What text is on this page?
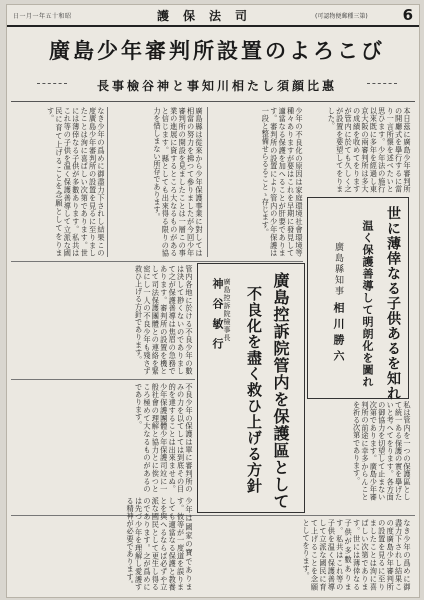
日一月一年五十和昭	護保法司	(可認物便郵種三第) 6
廣島少年審判所設置のよろこび
長事檢谷神と事知川相たし須顔比惠
なき少年の爲めに御盡力下されし結果この度廣島少年審判所の設置を見るに至りましたことは洵に喜ばしい次第であります。世には薄倖なる子供が多數あります。私共はこれ等の子供を温く保護善導して立派な國民に育て上げることを念願としてをります。	廣島縣は從來から少年保護事業に對しては相當の努力を拂つて參りましたが今回少年審判所の開設を見ましたことは一層この事業の進展に資するところ大なるものがあると信じます。縣としても出來得る限りの協力を惜しまない所存であります。	少年の不良化の原因は家庭環境社會環境等種々ありますが要はこれを早期に發見して適當なる保護を加へることが肝要であります。審判所の設置により管内の少年保護は一段と整備せらるることゝ存じます。	本日茲に廣島少年審判所の開廳式を擧行するに當り一言所懐を述べたいと思ひます。少年法の施行以來既に多年を經過し東京大阪の兩審判所は多大の成績を收めてをりますが管内に於ても久しく之が設置を要望してをりました。
世に薄倖なる子供あるを知れ
温く保護善導して明朗化を圖れ
廣島縣知事 相川勝六
管内各地に於ける不良少年の數は決して尠くないのでありまして之が保護善導は焦眉の急務であります。審判所の設置を機として司法保護團體との連絡を緊密にし一人の不良少年も殘さず救ひ上げる方針であります。
不良少年の保護は單に審判所のみの力を以てしては到底その目的を達することは出來ませぬ。少年保護團體少年保護司竝に一般社會の理解と協力とに俟つところ極めて大なるものがあるのであります。	廣島控訴院管内を保護區として
不良化を盡く救ひ上げる方針
廣島控訴院檢事長
神谷敏行
私は管内を一つの保護區として統一ある保護の實を擧げたいと考へてをります。各方面の御協力を切望して止まない次第であります。廣島少年審判所の前途に幸多からんことを祈る次第であります。
少年は國家の寶であります。彼等が一度道を誤りましても適當なる保護と教養とを與へるならば必ずや立派な國民として更生し得るのであります。之が爲めには先づ少年を理解し愛護する精神が必要であります。	なき少年の爲めに御盡力下されし結果この度廣島少年審判所の設置を見るに至りましたことは洵に喜ばしい次第であります。世には薄倖なる子供が多數あります。私共はこれ等の子供を温く保護善導して立派な國民に育て上げることを念願としてをります。
